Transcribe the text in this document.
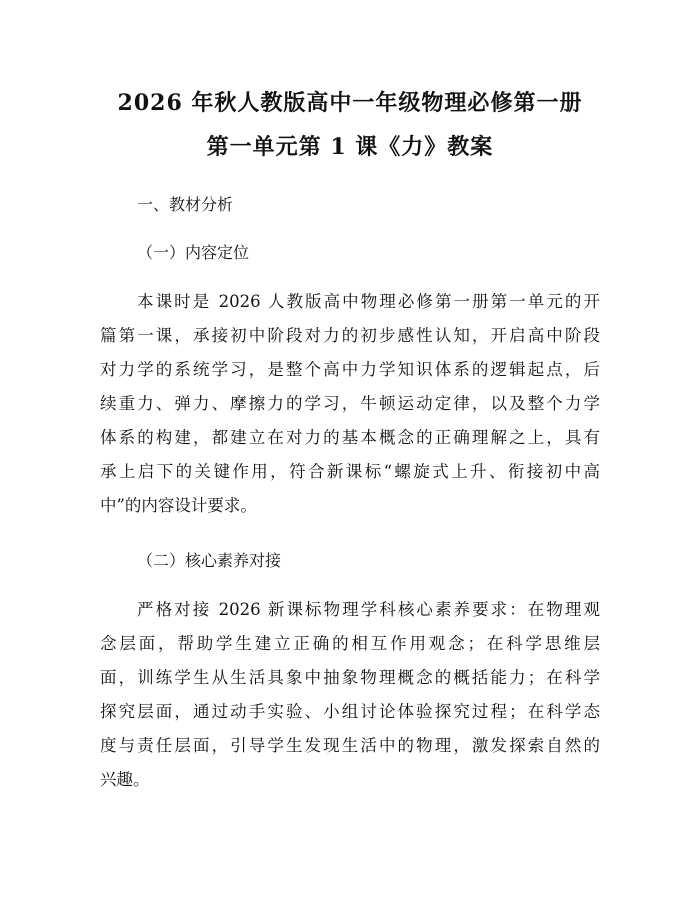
2026 年秋人教版高中一年级物理必修第一册
第一单元第 1 课《力》教案
一、教材分析
（一）内容定位
本课时是 2026 人教版高中物理必修第一册第一单元的开
篇第一课，承接初中阶段对力的初步感性认知，开启高中阶段
对力学的系统学习，是整个高中力学知识体系的逻辑起点，后
续重力、弹力、摩擦力的学习，牛顿运动定律，以及整个力学
体系的构建，都建立在对力的基本概念的正确理解之上，具有
承上启下的关键作用，符合新课标“螺旋式上升、衔接初中高
中”的内容设计要求。
（二）核心素养对接
严格对接 2026 新课标物理学科核心素养要求：在物理观
念层面，帮助学生建立正确的相互作用观念；在科学思维层
面，训练学生从生活具象中抽象物理概念的概括能力；在科学
探究层面，通过动手实验、小组讨论体验探究过程；在科学态
度与责任层面，引导学生发现生活中的物理，激发探索自然的
兴趣。
